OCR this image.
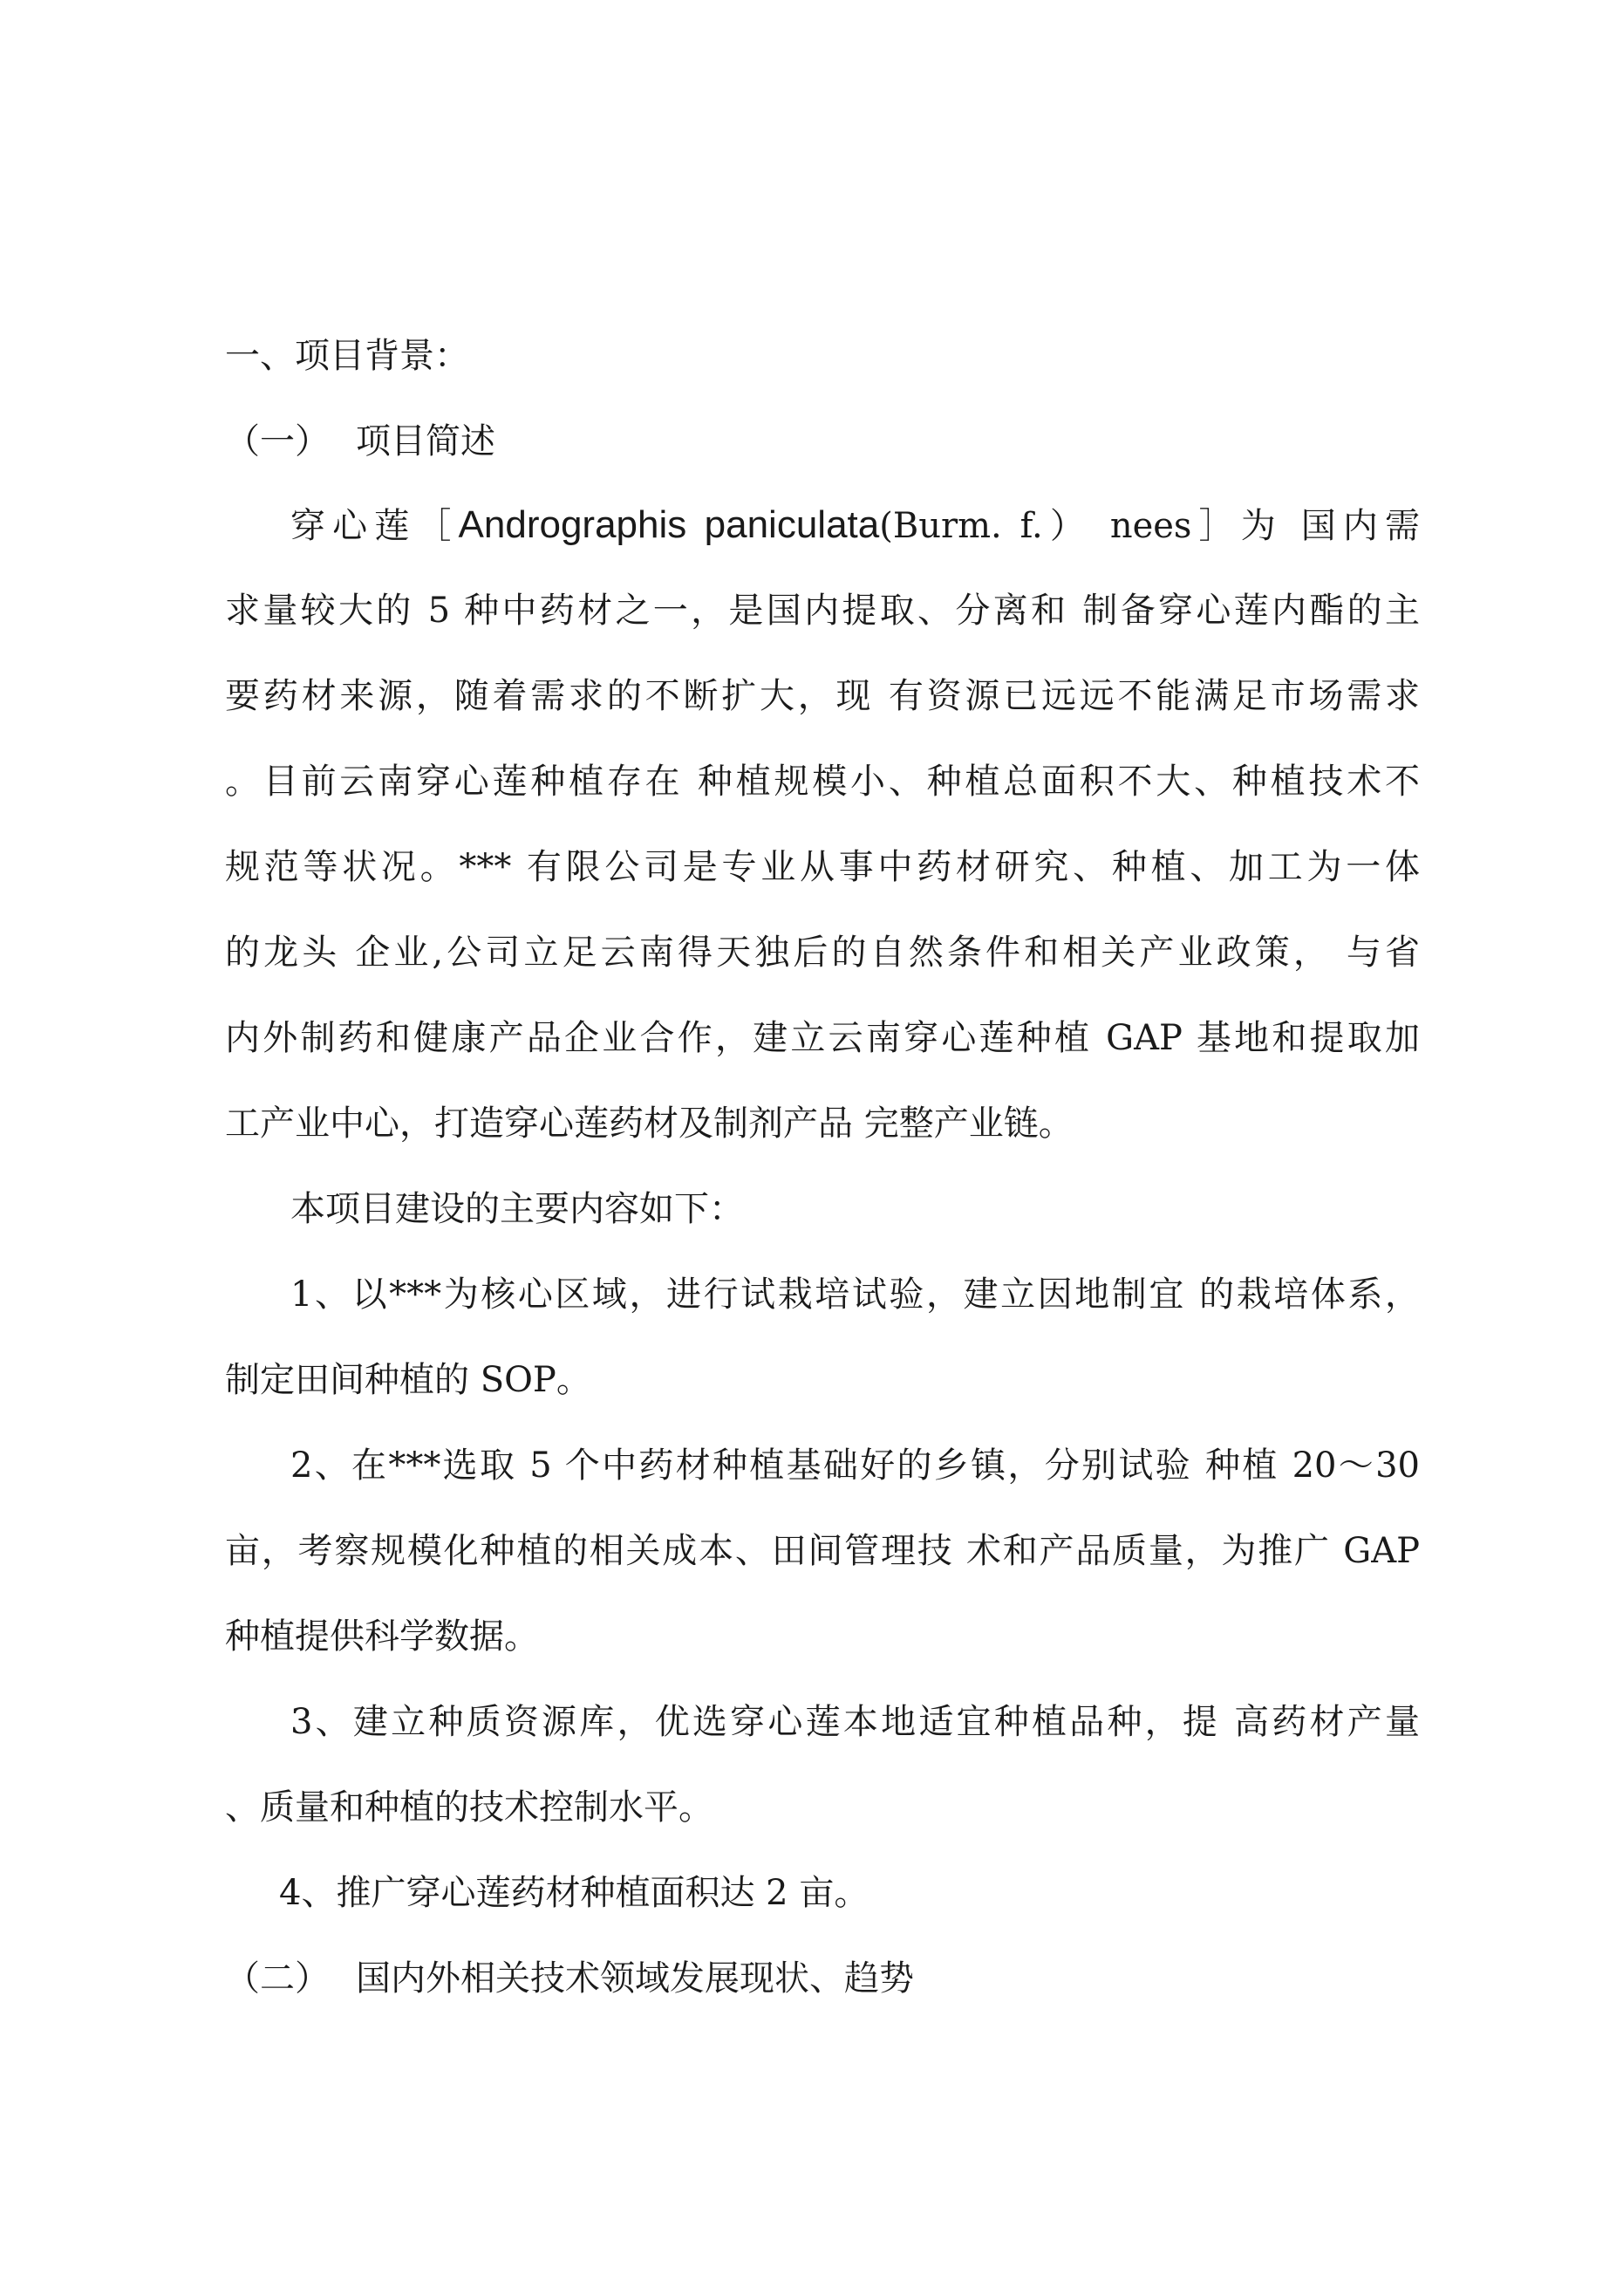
一、项目背景：
（一） 项目简述
穿心莲［Andrographis paniculata(Burm. f.） nees］为 国内需
求量较大的 5 种中药材之一，是国内提取、分离和 制备穿心莲内酯的主
要药材来源，随着需求的不断扩大，现 有资源已远远不能满足市场需求
。目前云南穿心莲种植存在 种植规模小、种植总面积不大、种植技术不
规范等状况。*** 有限公司是专业从事中药材研究、种植、加工为一体
的龙头 企业,公司立足云南得天独后的自然条件和相关产业政策， 与省
内外制药和健康产品企业合作，建立云南穿心莲种植 GAP 基地和提取加
工产业中心，打造穿心莲药材及制剂产品 完整产业链。
本项目建设的主要内容如下：
1、以***为核心区域，进行试栽培试验，建立因地制宜 的栽培体系，
制定田间种植的 SOP。
2、在***选取 5 个中药材种植基础好的乡镇，分别试验 种植 20〜30
亩，考察规模化种植的相关成本、田间管理技 术和产品质量，为推广 GAP
种植提供科学数据。
3、建立种质资源库，优选穿心莲本地适宜种植品种，提 高药材产量
、质量和种植的技术控制水平。
4、推广穿心莲药材种植面积达 2 亩。
（二） 国内外相关技术领域发展现状、趋势
